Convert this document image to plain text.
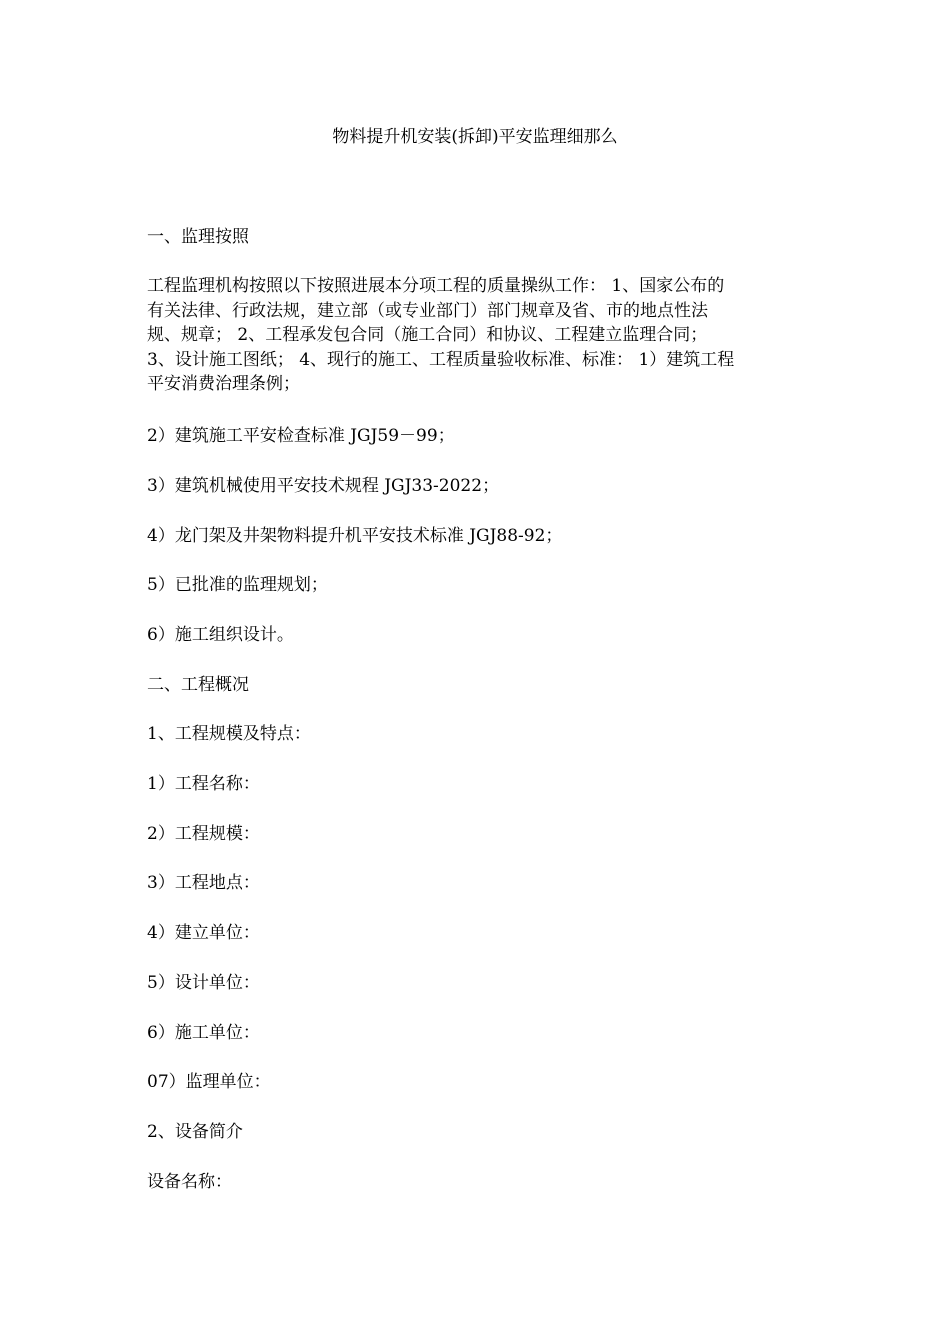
物料提升机安装(拆卸)平安监理细那么
一、监理按照
工程监理机构按照以下按照进展本分项工程的质量操纵工作： 1、国家公布的
有关法律、行政法规，建立部（或专业部门）部门规章及省、市的地点性法
规、规章； 2、工程承发包合同（施工合同）和协议、工程建立监理合同；
3、设计施工图纸； 4、现行的施工、工程质量验收标准、标准： 1）建筑工程
平安消费治理条例；
2）建筑施工平安检查标准 JGJ59－99；
3）建筑机械使用平安技术规程 JGJ33-2022；
4）龙门架及井架物料提升机平安技术标准 JGJ88-92；
5）已批准的监理规划；
6）施工组织设计。
二、工程概况
1、工程规模及特点：
1）工程名称：
2）工程规模：
3）工程地点：
4）建立单位：
5）设计单位：
6）施工单位：
07）监理单位：
2、设备简介
设备名称：
